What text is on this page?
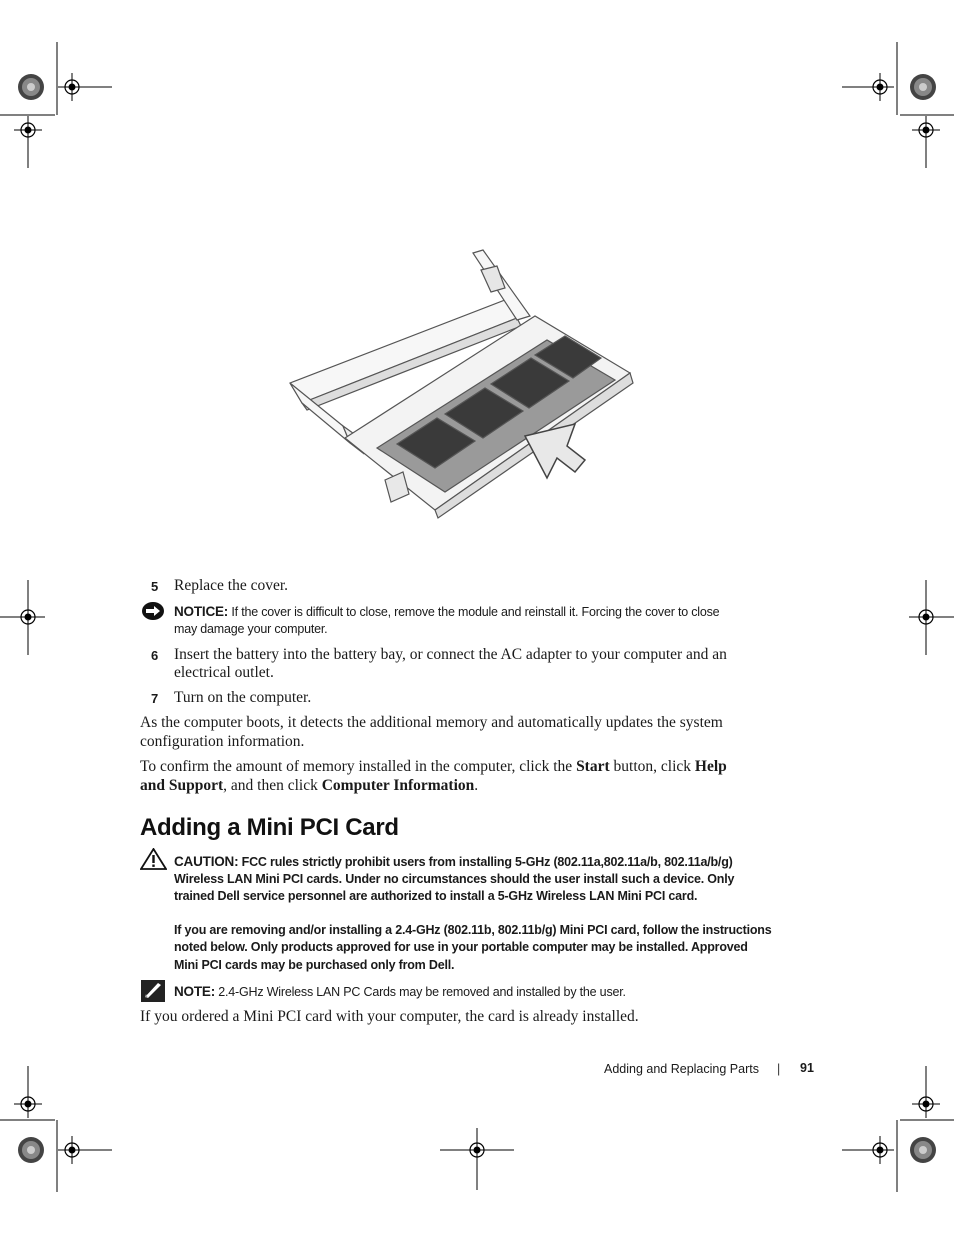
5 Replace the cover.
NOTICE: If the cover is difficult to close, remove the module and reinstall it. Forcing the cover to close
may damage your computer.
6 Insert the battery into the battery bay, or connect the AC adapter to your computer and an
electrical outlet.
7 Turn on the computer.
As the computer boots, it detects the additional memory and automatically updates the system
configuration information.
To confirm the amount of memory installed in the computer, click the Start button, click Help
and Support, and then click Computer Information.
Adding a Mini PCI Card
CAUTION: FCC rules strictly prohibit users from installing 5-GHz (802.11a,802.11a/b, 802.11a/b/g)
Wireless LAN Mini PCI cards. Under no circumstances should the user install such a device. Only
trained Dell service personnel are authorized to install a 5-GHz Wireless LAN Mini PCI card.
If you are removing and/or installing a 2.4-GHz (802.11b, 802.11b/g) Mini PCI card, follow the instructions
noted below. Only products approved for use in your portable computer may be installed. Approved
Mini PCI cards may be purchased only from Dell.
NOTE: 2.4-GHz Wireless LAN PC Cards may be removed and installed by the user.
If you ordered a Mini PCI card with your computer, the card is already installed.
Adding and Replacing Parts | 91
